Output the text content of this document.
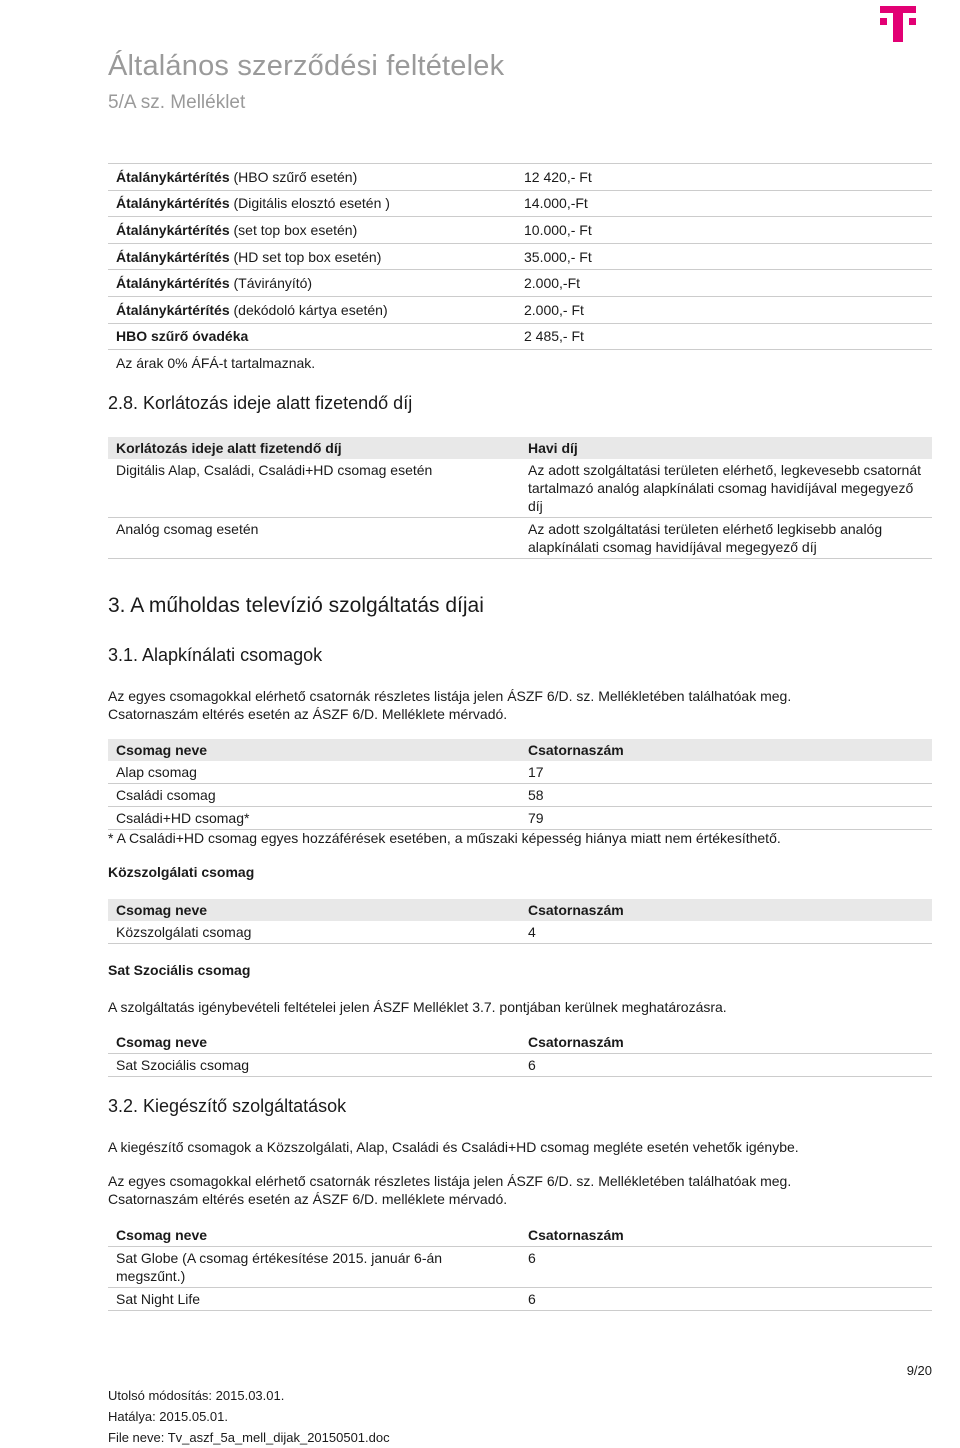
Általános szerződési feltételek

5/A sz. Melléklet

Átalánykártérítés (HBO szűrő esetén)	12 420,- Ft
Átalánykártérítés (Digitális elosztó esetén )	14.000,-Ft
Átalánykártérítés (set top box esetén)	10.000,- Ft
Átalánykártérítés (HD set top box esetén)	35.000,- Ft
Átalánykártérítés (Távirányító)	2.000,-Ft
Átalánykártérítés (dekódoló kártya esetén)	2.000,- Ft
HBO szűrő óvadéka	2 485,- Ft
Az árak 0% ÁFÁ-t tartalmaznak.
2.8. Korlátozás ideje alatt fizetendő díj
Korlátozás ideje alatt fizetendő díj	Havi díj
Digitális Alap, Családi, Családi+HD csomag esetén	Az adott szolgáltatási területen elérhető, legkevesebb csatornát tartalmazó analóg alapkínálati csomag havidíjával megegyező díj
Analóg csomag esetén	Az adott szolgáltatási területen elérhető legkisebb analóg alapkínálati csomag havidíjával megegyező díj
3. A műholdas televízió szolgáltatás díjai
3.1. Alapkínálati csomagok

Az egyes csomagokkal elérhető csatornák részletes listája jelen ÁSZF 6/D. sz. Mellékletében találhatóak meg.

Csatornaszám eltérés esetén az ÁSZF 6/D. Melléklete mérvadó.

Csomag neve	Csatornaszám
Alap csomag	17
Családi csomag	58
Családi+HD csomag*	79

* A Családi+HD csomag egyes hozzáférések esetében, a műszaki képesség hiánya miatt nem értékesíthető.

Közszolgálati csomag

Csomag neve	Csatornaszám
Közszolgálati csomag	4

Sat Szociális csomag

A szolgáltatás igénybevételi feltételei jelen ÁSZF Melléklet 3.7. pontjában kerülnek meghatározásra.

Csomag neve	Csatornaszám
Sat Szociális csomag	6
3.2. Kiegészítő szolgáltatások

A kiegészítő csomagok a Közszolgálati, Alap, Családi és Családi+HD csomag megléte esetén vehetők igénybe.

Az egyes csomagokkal elérhető csatornák részletes listája jelen ÁSZF 6/D. sz. Mellékletében találhatóak meg.

Csatornaszám eltérés esetén az ÁSZF 6/D. melléklete mérvadó.

Csomag neve	Csatornaszám
Sat Globe (A csomag értékesítése 2015. január 6-án megszűnt.)	6
Sat Night Life	6
9/20
Utolsó módosítás: 2015.03.01.
Hatálya: 2015.05.01.
File neve: Tv_aszf_5a_mell_dijak_20150501.doc
